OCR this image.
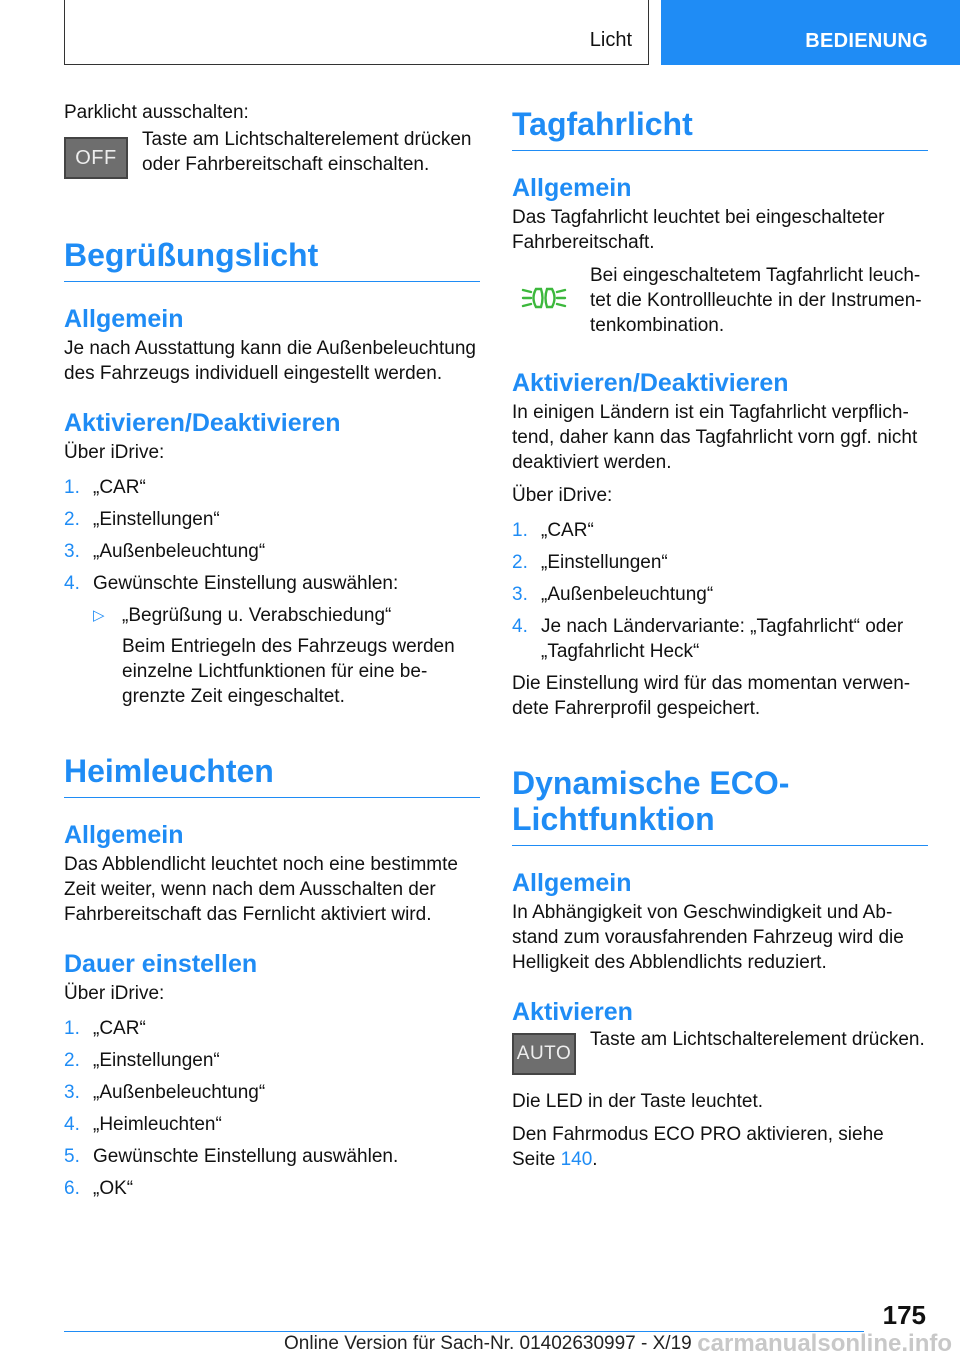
Licht	BEDIENUNG

Parklicht ausschalten:

OFF

Taste am Lichtschalterelement drücken oder Fahrbereitschaft einschalten.

Begrüßungslicht
Allgemein

Je nach Ausstattung kann die Außenbeleuchtung des Fahrzeugs individuell eingestellt werden.

Aktivieren/Deaktivieren

Über iDrive:

1. „CAR“
2. „Einstellungen“
3. „Außenbeleuchtung“
4. Gewünschte Einstellung auswählen:

▷ „Begrüßung u. Verabschiedung“

Beim Entriegeln des Fahrzeugs werden einzelne Lichtfunktionen für eine begrenzte Zeit eingeschaltet.

Heimleuchten
Allgemein

Das Abblendlicht leuchtet noch eine bestimmte Zeit weiter, wenn nach dem Ausschalten der Fahrbereitschaft das Fernlicht aktiviert wird.

Dauer einstellen

Über iDrive:

1. „CAR“
2. „Einstellungen“
3. „Außenbeleuchtung“
4. „Heimleuchten“
5. Gewünschte Einstellung auswählen.
6. „OK“
Tagfahrlicht
Allgemein

Das Tagfahrlicht leuchtet bei eingeschalteter Fahrbereitschaft.

Bei eingeschaltetem Tagfahrlicht leuchtet die Kontrollleuchte in der Instrumentenkombination.

Aktivieren/Deaktivieren

In einigen Ländern ist ein Tagfahrlicht verpflichtend, daher kann das Tagfahrlicht vorn ggf. nicht deaktiviert werden.

Über iDrive:

1. „CAR“
2. „Einstellungen“
3. „Außenbeleuchtung“
4. Je nach Ländervariante: „Tagfahrlicht“ oder „Tagfahrlicht Heck“

Die Einstellung wird für das momentan verwendete Fahrerprofil gespeichert.

Dynamische ECO-Lichtfunktion
Allgemein

In Abhängigkeit von Geschwindigkeit und Abstand zum vorausfahrenden Fahrzeug wird die Helligkeit des Abblendlichts reduziert.

Aktivieren
AUTO

Taste am Lichtschalterelement drücken.

Die LED in der Taste leuchtet.

Den Fahrmodus ECO PRO aktivieren, siehe Seite 140.

175
Online Version für Sach-Nr. 01402630997 - X/19 carmanualsonline.info
